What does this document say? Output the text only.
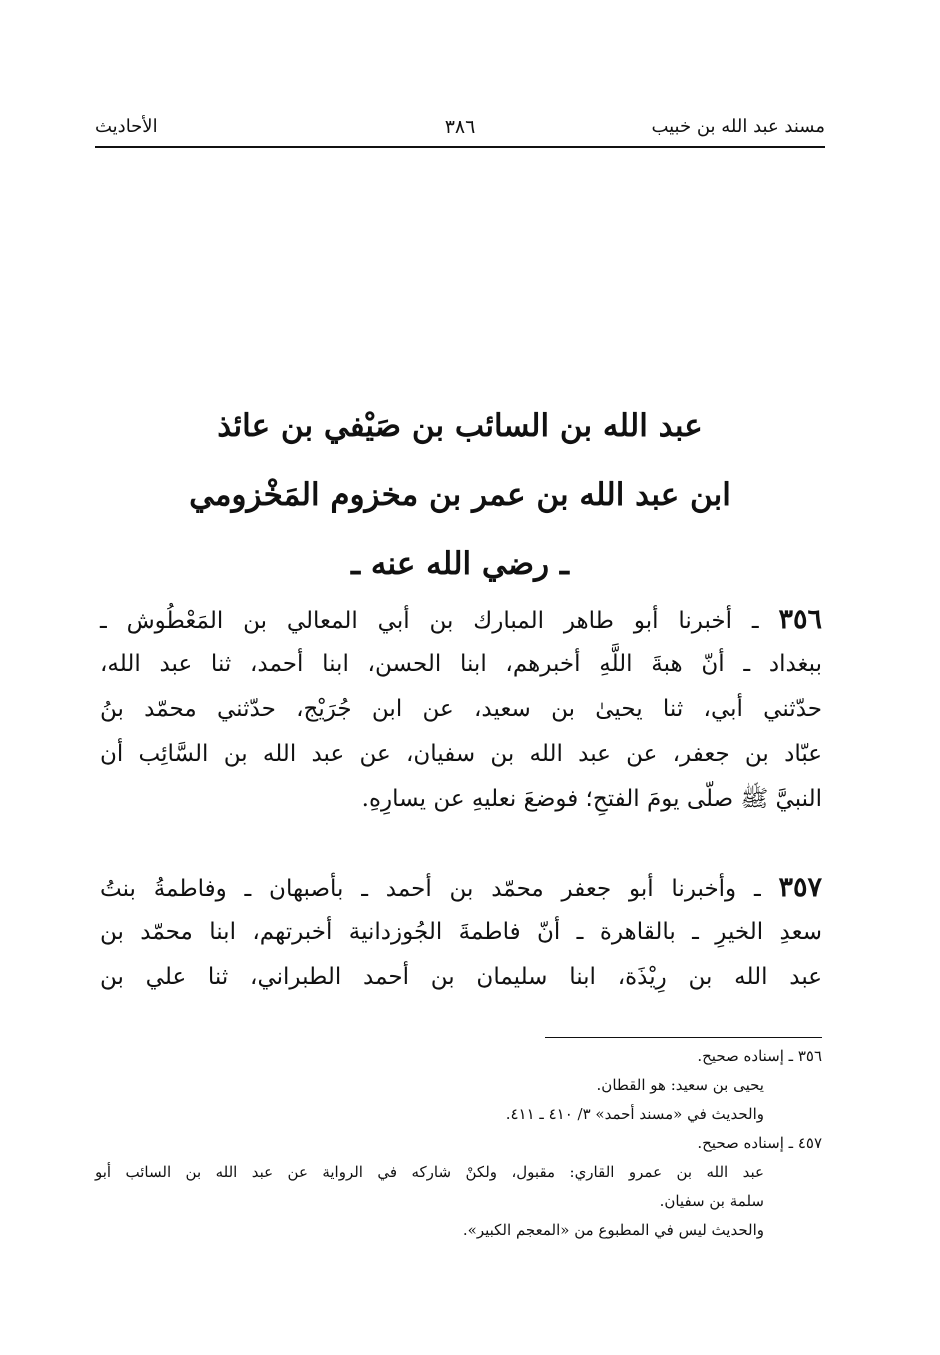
مسند عبد الله بن خبيب
٣٨٦
الأحاديث
عبد الله بن السائب بن صَيْفي بن عائذ
ابن عبد الله بن عمر بن مخزوم المَخْزومي
ـ رضي الله عنه ـ
٣٥٦ ـ أخبرنا أبو طاهر المبارك بن أبي المعالي بن المَعْطُوش ـ
ببغداد ـ أنّ هبةَ اللَّهِ أخبرهم، ابنا الحسن، ابنا أحمد، ثنا عبد الله،
حدّثني أبي، ثنا يحيىٰ بن سعيد، عن ابن جُرَيْج، حدّثني محمّد بنُ
عبّاد بن جعفر، عن عبد الله بن سفيان، عن عبد الله بن السَّائِب أن
النبيَّ ﷺ صلّى يومَ الفتحِ؛ فوضعَ نعليهِ عن يسارِهِ.
٣٥٧ ـ وأخبرنا أبو جعفر محمّد بن أحمد ـ بأصبهان ـ وفاطمةُ بنتُ
سعدِ الخيرِ ـ بالقاهرة ـ أنّ فاطمةَ الجُوزدانية أخبرتهم، ابنا محمّد بن
عبد الله بن رِيْذَة، ابنا سليمان بن أحمد الطبراني، ثنا علي بن
٣٥٦ ـ إسناده صحيح.
يحيى بن سعيد: هو القطان.
والحديث في «مسند أحمد» ٣/ ٤١٠ ـ ٤١١.
٤٥٧ ـ إسناده صحيح.
عبد الله بن عمرو القاري: مقبول، ولكنْ شاركه في الرواية عن عبد الله بن السائب أبو
سلمة بن سفيان.
والحديث ليس في المطبوع من «المعجم الكبير».
